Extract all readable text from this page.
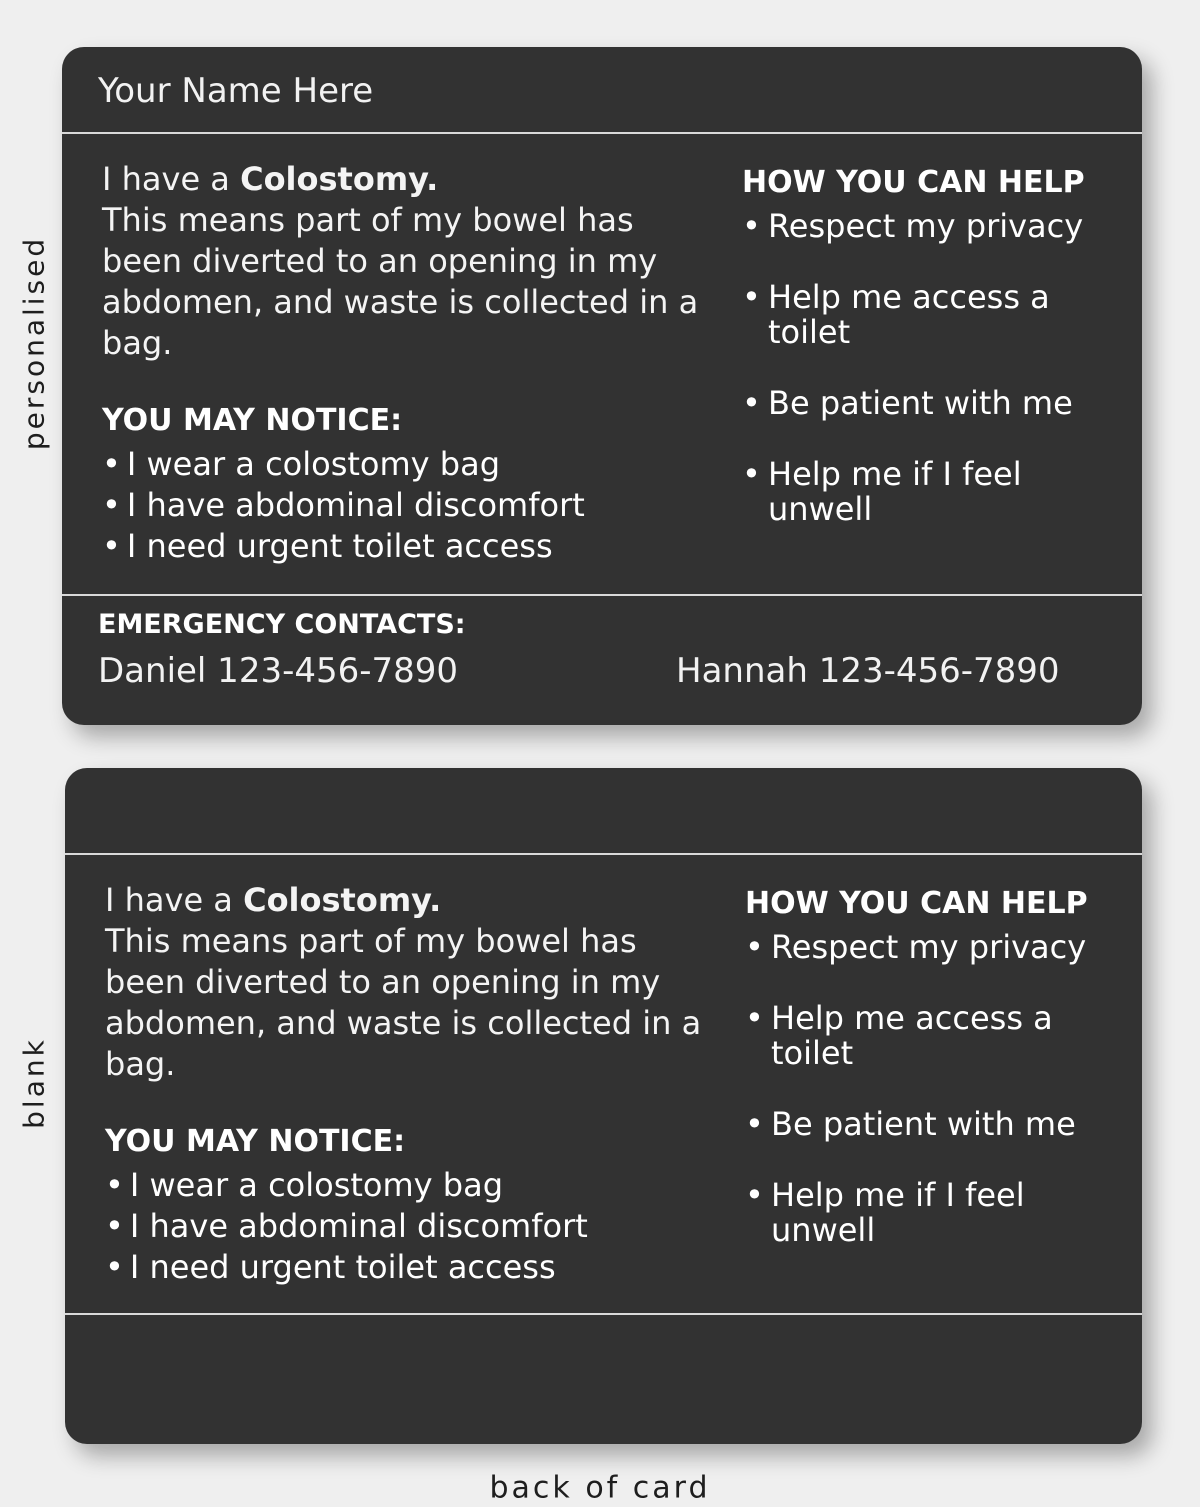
personalised
blank
Your Name Here
I have a Colostomy.
This means part of my bowel has been diverted to an opening in my abdomen, and waste is collected in a bag.
YOU MAY NOTICE:
• I wear a colostomy bag
• I have abdominal discomfort
• I need urgent toilet access
HOW YOU CAN HELP
• Respect my privacy
• Help me access a toilet
• Be patient with me
• Help me if I feel unwell
EMERGENCY CONTACTS:
Daniel 123-456-7890	Hannah 123-456-7890
I have a Colostomy.
This means part of my bowel has been diverted to an opening in my abdomen, and waste is collected in a bag.
YOU MAY NOTICE:
• I wear a colostomy bag
• I have abdominal discomfort
• I need urgent toilet access
HOW YOU CAN HELP
• Respect my privacy
• Help me access a toilet
• Be patient with me
• Help me if I feel unwell
back of card
